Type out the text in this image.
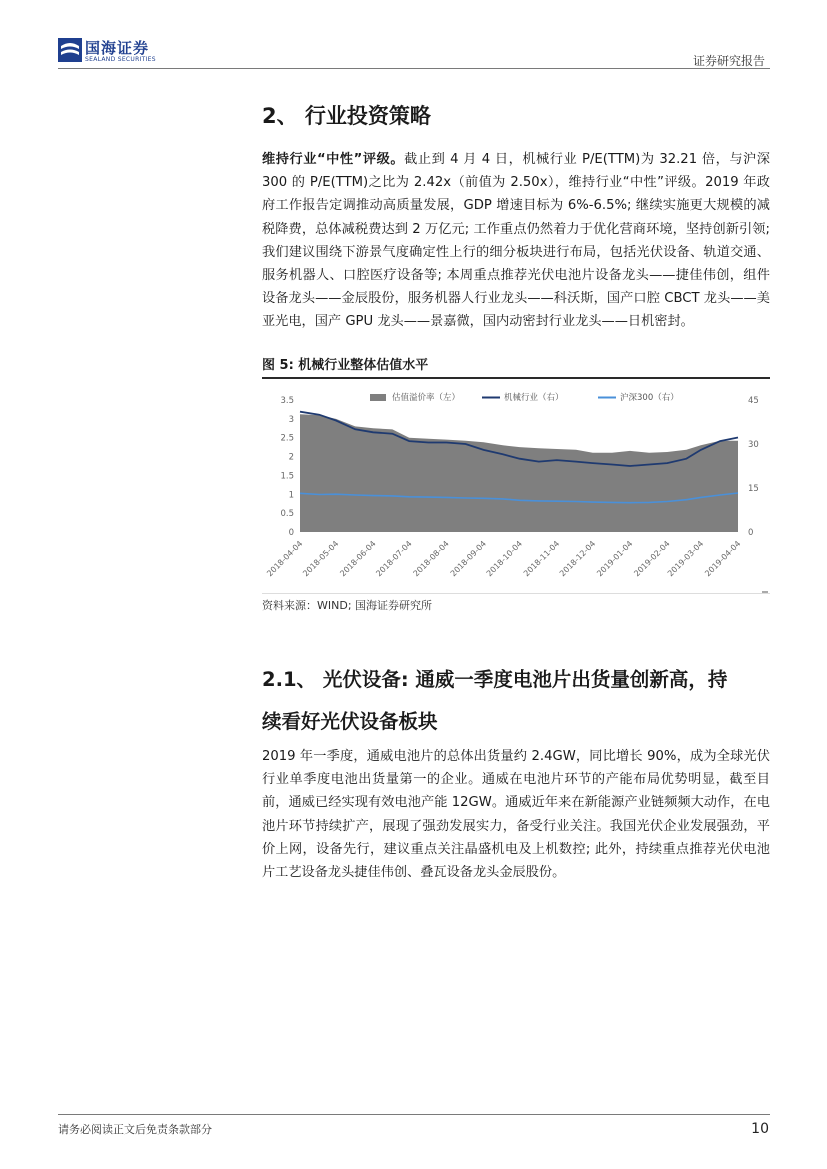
国海证券
SEALAND SECURITIES	证券研究报告
2、 行业投资策略
维持行业“中性”评级。截止到 4 月 4 日，机械行业 P/E(TTM)为 32.21 倍，与沪深 300 的 P/E(TTM)之比为 2.42x（前值为 2.50x），维持行业“中性”评级。2019 年政府工作报告定调推动高质量发展，GDP 增速目标为 6%-6.5%; 继续实施更大规模的减税降费，总体减税费达到 2 万亿元; 工作重点仍然着力于优化营商环境，坚持创新引领; 我们建议围绕下游景气度确定性上行的细分板块进行布局，包括光伏设备、轨道交通、服务机器人、口腔医疗设备等; 本周重点推荐光伏电池片设备龙头——捷佳伟创，组件设备龙头——金辰股份，服务机器人行业龙头——科沃斯，国产口腔 CBCT 龙头——美亚光电，国产 GPU 龙头——景嘉微，国内动密封行业龙头——日机密封。
图 5: 机械行业整体估值水平
0
0.5
1
1.5
2
2.5
3
3.5
0
15
30
45
2018-04-04
2018-05-04
2018-06-04
2018-07-04
2018-08-04
2018-09-04
2018-10-04
2018-11-04
2018-12-04
2019-01-04
2019-02-04
2019-03-04
2019-04-04
估值溢价率（左）	机械行业（右）	沪深300（右）
资料来源：WIND; 国海证券研究所
2.1、 光伏设备: 通威一季度电池片出货量创新高，持
续看好光伏设备板块
2019 年一季度，通威电池片的总体出货量约 2.4GW，同比增长 90%，成为全球光伏行业单季度电池出货量第一的企业。通威在电池片环节的产能布局优势明显，截至目前，通威已经实现有效电池产能 12GW。通威近年来在新能源产业链频频大动作，在电池片环节持续扩产，展现了强劲发展实力，备受行业关注。我国光伏企业发展强劲，平价上网，设备先行，建议重点关注晶盛机电及上机数控; 此外，持续重点推荐光伏电池片工艺设备龙头捷佳伟创、叠瓦设备龙头金辰股份。
请务必阅读正文后免责条款部分	10
